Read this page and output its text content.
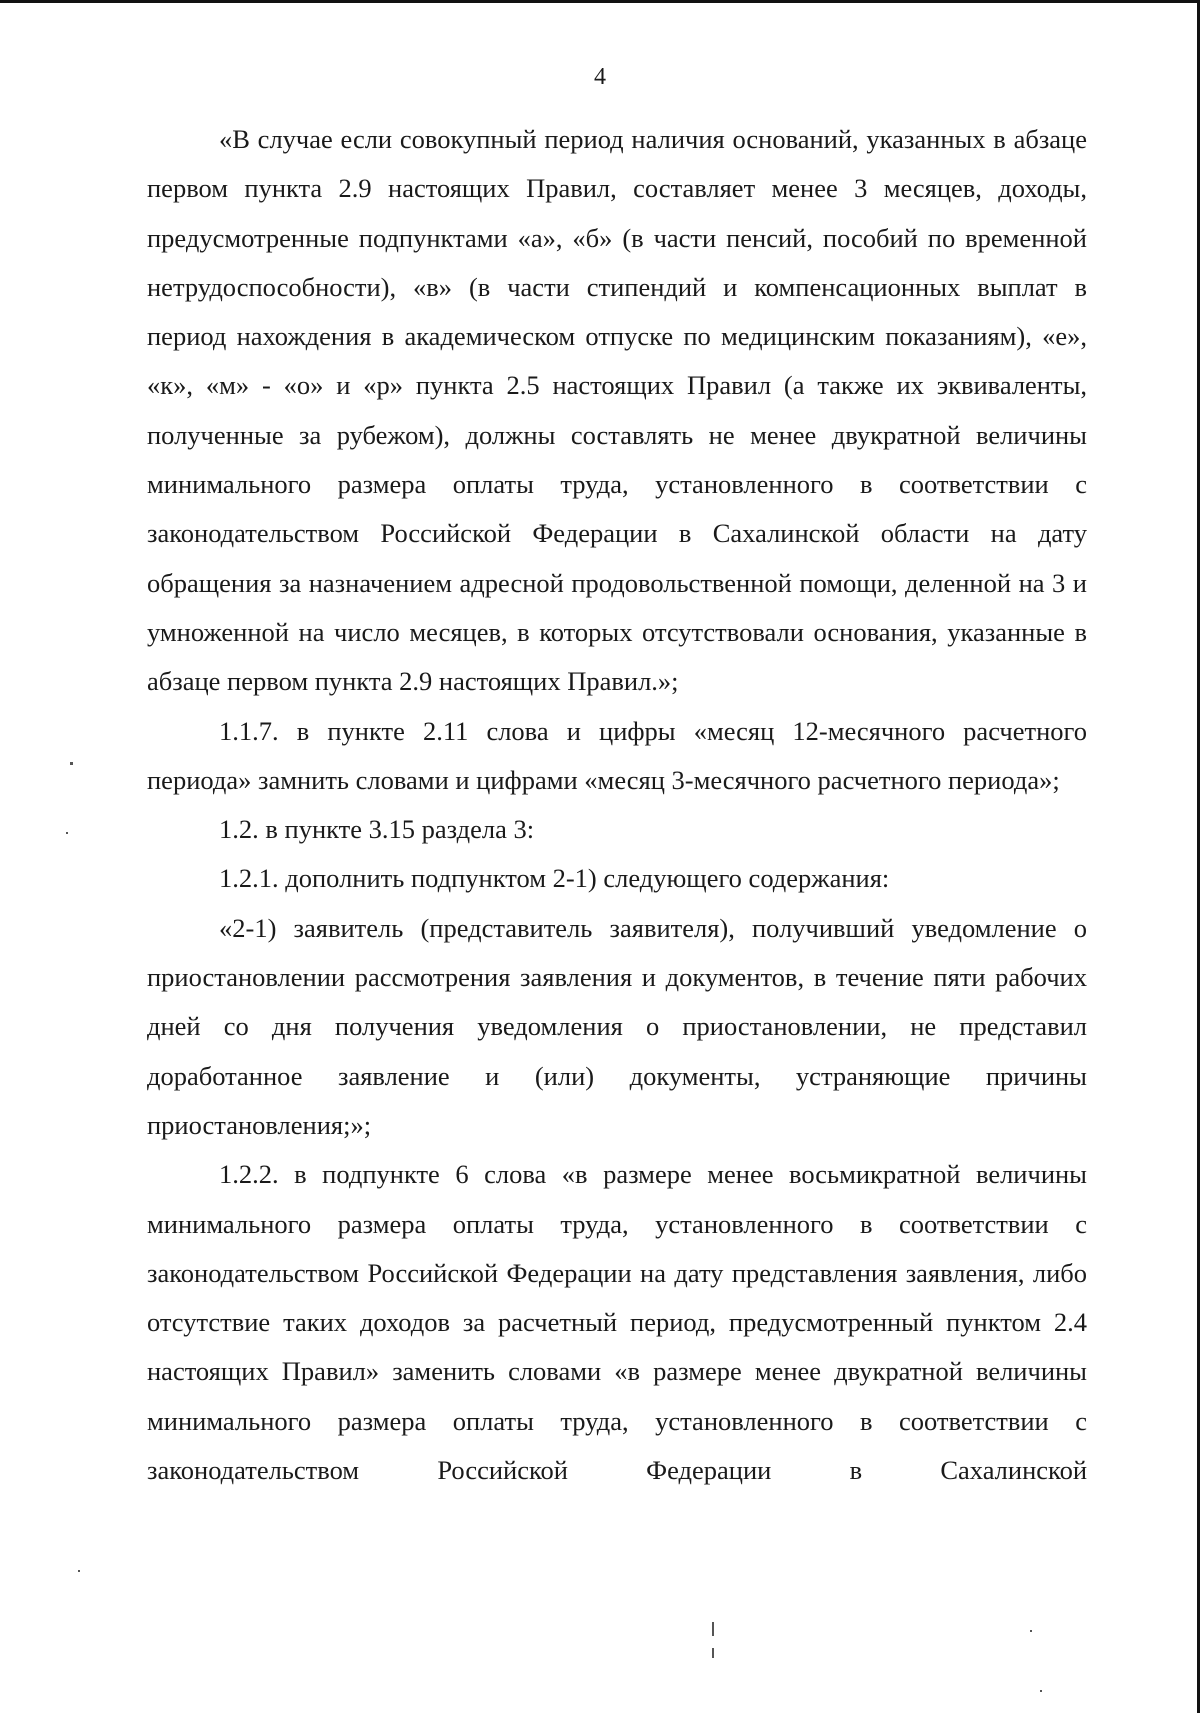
4

«В случае если совокупный период наличия оснований, указанных в абзаце первом пункта 2.9 настоящих Правил, составляет менее 3 месяцев, доходы, предусмотренные подпунктами «а», «б» (в части пенсий, пособий по временной нетрудоспособности), «в» (в части стипендий и компенсационных выплат в период нахождения в академическом отпуске по медицинским показаниям), «е», «к», «м» - «о» и «р» пункта 2.5 настоящих Правил (а также их эквиваленты, полученные за рубежом), должны составлять не менее двукратной величины минимального размера оплаты труда, установленного в соответствии с законодательством Российской Федерации в Сахалинской области на дату обращения за назначением адресной продовольственной помощи, деленной на 3 и умноженной на число месяцев, в которых отсутствовали основания, указанные в абзаце первом пункта 2.9 настоящих Правил.»;

1.1.7. в пункте 2.11 слова и цифры «месяц 12-месячного расчетного периода» замнить словами и цифрами «месяц 3-месячного расчетного периода»;

1.2. в пункте 3.15 раздела 3:

1.2.1. дополнить подпунктом 2-1) следующего содержания:

«2-1) заявитель (представитель заявителя), получивший уведомление о приостановлении рассмотрения заявления и документов, в течение пяти рабочих дней со дня получения уведомления о приостановлении, не представил доработанное заявление и (или) документы, устраняющие причины приостановления;»;

1.2.2. в подпункте 6 слова «в размере менее восьмикратной величины минимального размера оплаты труда, установленного в соответствии с законодательством Российской Федерации на дату представления заявления, либо отсутствие таких доходов за расчетный период, предусмотренный пунктом 2.4 настоящих Правил» заменить словами «в размере менее двукратной величины минимального размера оплаты труда, установленного в соответствии с законодательством Российской Федерации в Сахалинской
